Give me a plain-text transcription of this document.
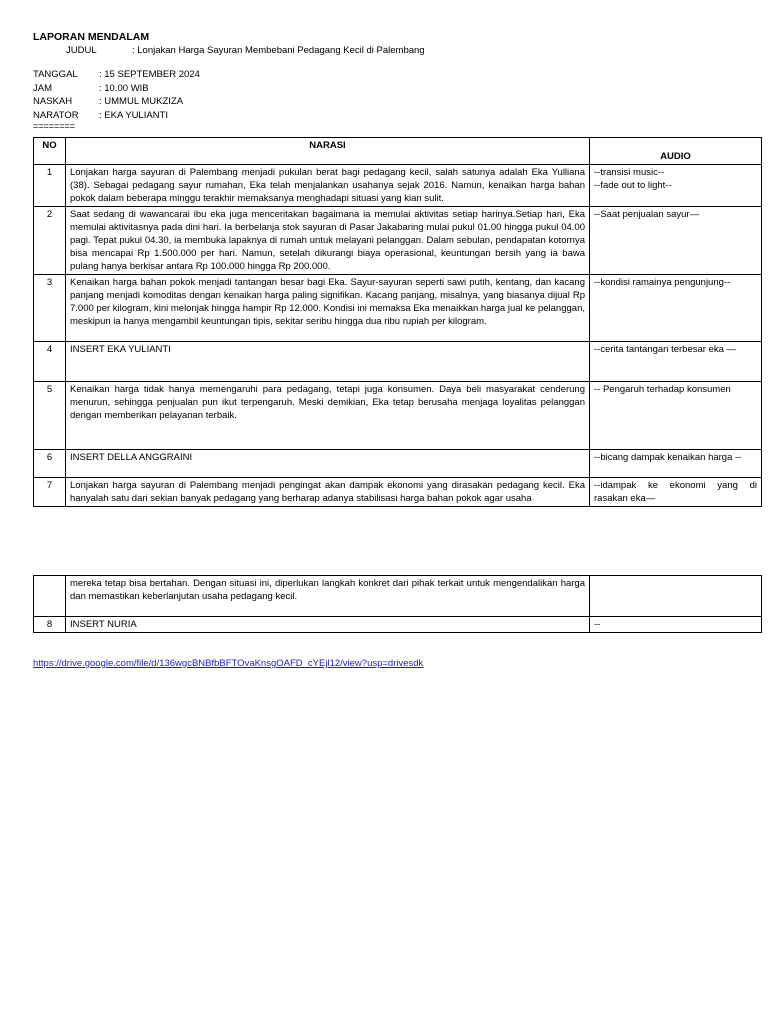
LAPORAN MENDALAM
JUDUL	: Lonjakan Harga Sayuran Membebani Pedagang Kecil di Palembang
TANGGAL : 15 SEPTEMBER 2024
JAM	: 10.00 WIB
NASKAH	: UMMUL MUKZIZA
NARATOR : EKA YULIANTI
========
NO	NARASI	AUDIO
1	Lonjakan harga sayuran di Palembang menjadi pukulan berat bagi pedagang kecil, salah satunya adalah Eka Yulliana (38). Sebagai pedagang sayur rumahan, Eka telah menjalankan usahanya sejak 2016. Namun, kenaikan harga bahan pokok dalam beberapa minggu terakhir memaksanya menghadapi situasi yang kian sulit.	--transisi music--
--fade out to light--
2	Saat sedang di wawancarai ibu eka juga menceritakan bagaimana ia memulai aktivitas setiap harinya.Setiap hari, Eka memulai aktivitasnya pada dini hari. Ia berbelanja stok sayuran di Pasar Jakabaring mulai pukul 01.00 hingga pukul 04.00 pagi. Tepat pukul 04.30, ia membuka lapaknya di rumah untuk melayani pelanggan. Dalam sebulan, pendapatan kotornya bisa mencapai Rp 1.500.000 per hari. Namun, setelah dikurangi biaya operasional, keuntungan bersih yang ia bawa pulang hanya berkisar antara Rp 100.000 hingga Rp 200.000.	--Saat penjualan sayur—
3	Kenaikan harga bahan pokok menjadi tantangan besar bagi Eka. Sayur-sayuran seperti sawi putih, kentang, dan kacang panjang menjadi komoditas dengan kenaikan harga paling signifikan. Kacang panjang, misalnya, yang biasanya dijual Rp 7.000 per kilogram, kini melonjak hingga hampir Rp 12.000. Kondisi ini memaksa Eka menaikkan harga jual ke pelanggan, meskipun ia hanya mengambil keuntungan tipis, sekitar seribu hingga dua ribu rupiah per kilogram.	--kondisi ramainya pengunjung--
4	INSERT EKA YULIANTI	--cerita tantangan terbesar eka —
5	Kenaikan harga tidak hanya memengaruhi para pedagang, tetapi juga konsumen. Daya beli masyarakat cenderung menurun, sehingga penjualan pun ikut terpengaruh. Meski demikian, Eka tetap berusaha menjaga loyalitas pelanggan dengan memberikan pelayanan terbaik.	-- Pengaruh terhadap konsumen
6	INSERT DELLA ANGGRAINI	--bicang dampak kenaikan harga --
7	Lonjakan harga sayuran di Palembang menjadi pengingat akan dampak ekonomi yang dirasakan pedagang kecil. Eka hanyalah satu dari sekian banyak pedagang yang berharap adanya stabilisasi harga bahan pokok agar usaha	--idampak ke ekonomi yang di rasakan eka—
	mereka tetap bisa bertahan. Dengan situasi ini, diperlukan langkah konkret dari pihak terkait untuk mengendalikan harga dan memastikan keberlanjutan usaha pedagang kecil.	
8	INSERT NURIA	--
https://drive.google.com/file/d/136wgcBNBfbBFTOvaKnsgOAFD_cYEjl12/view?usp=drivesdk
